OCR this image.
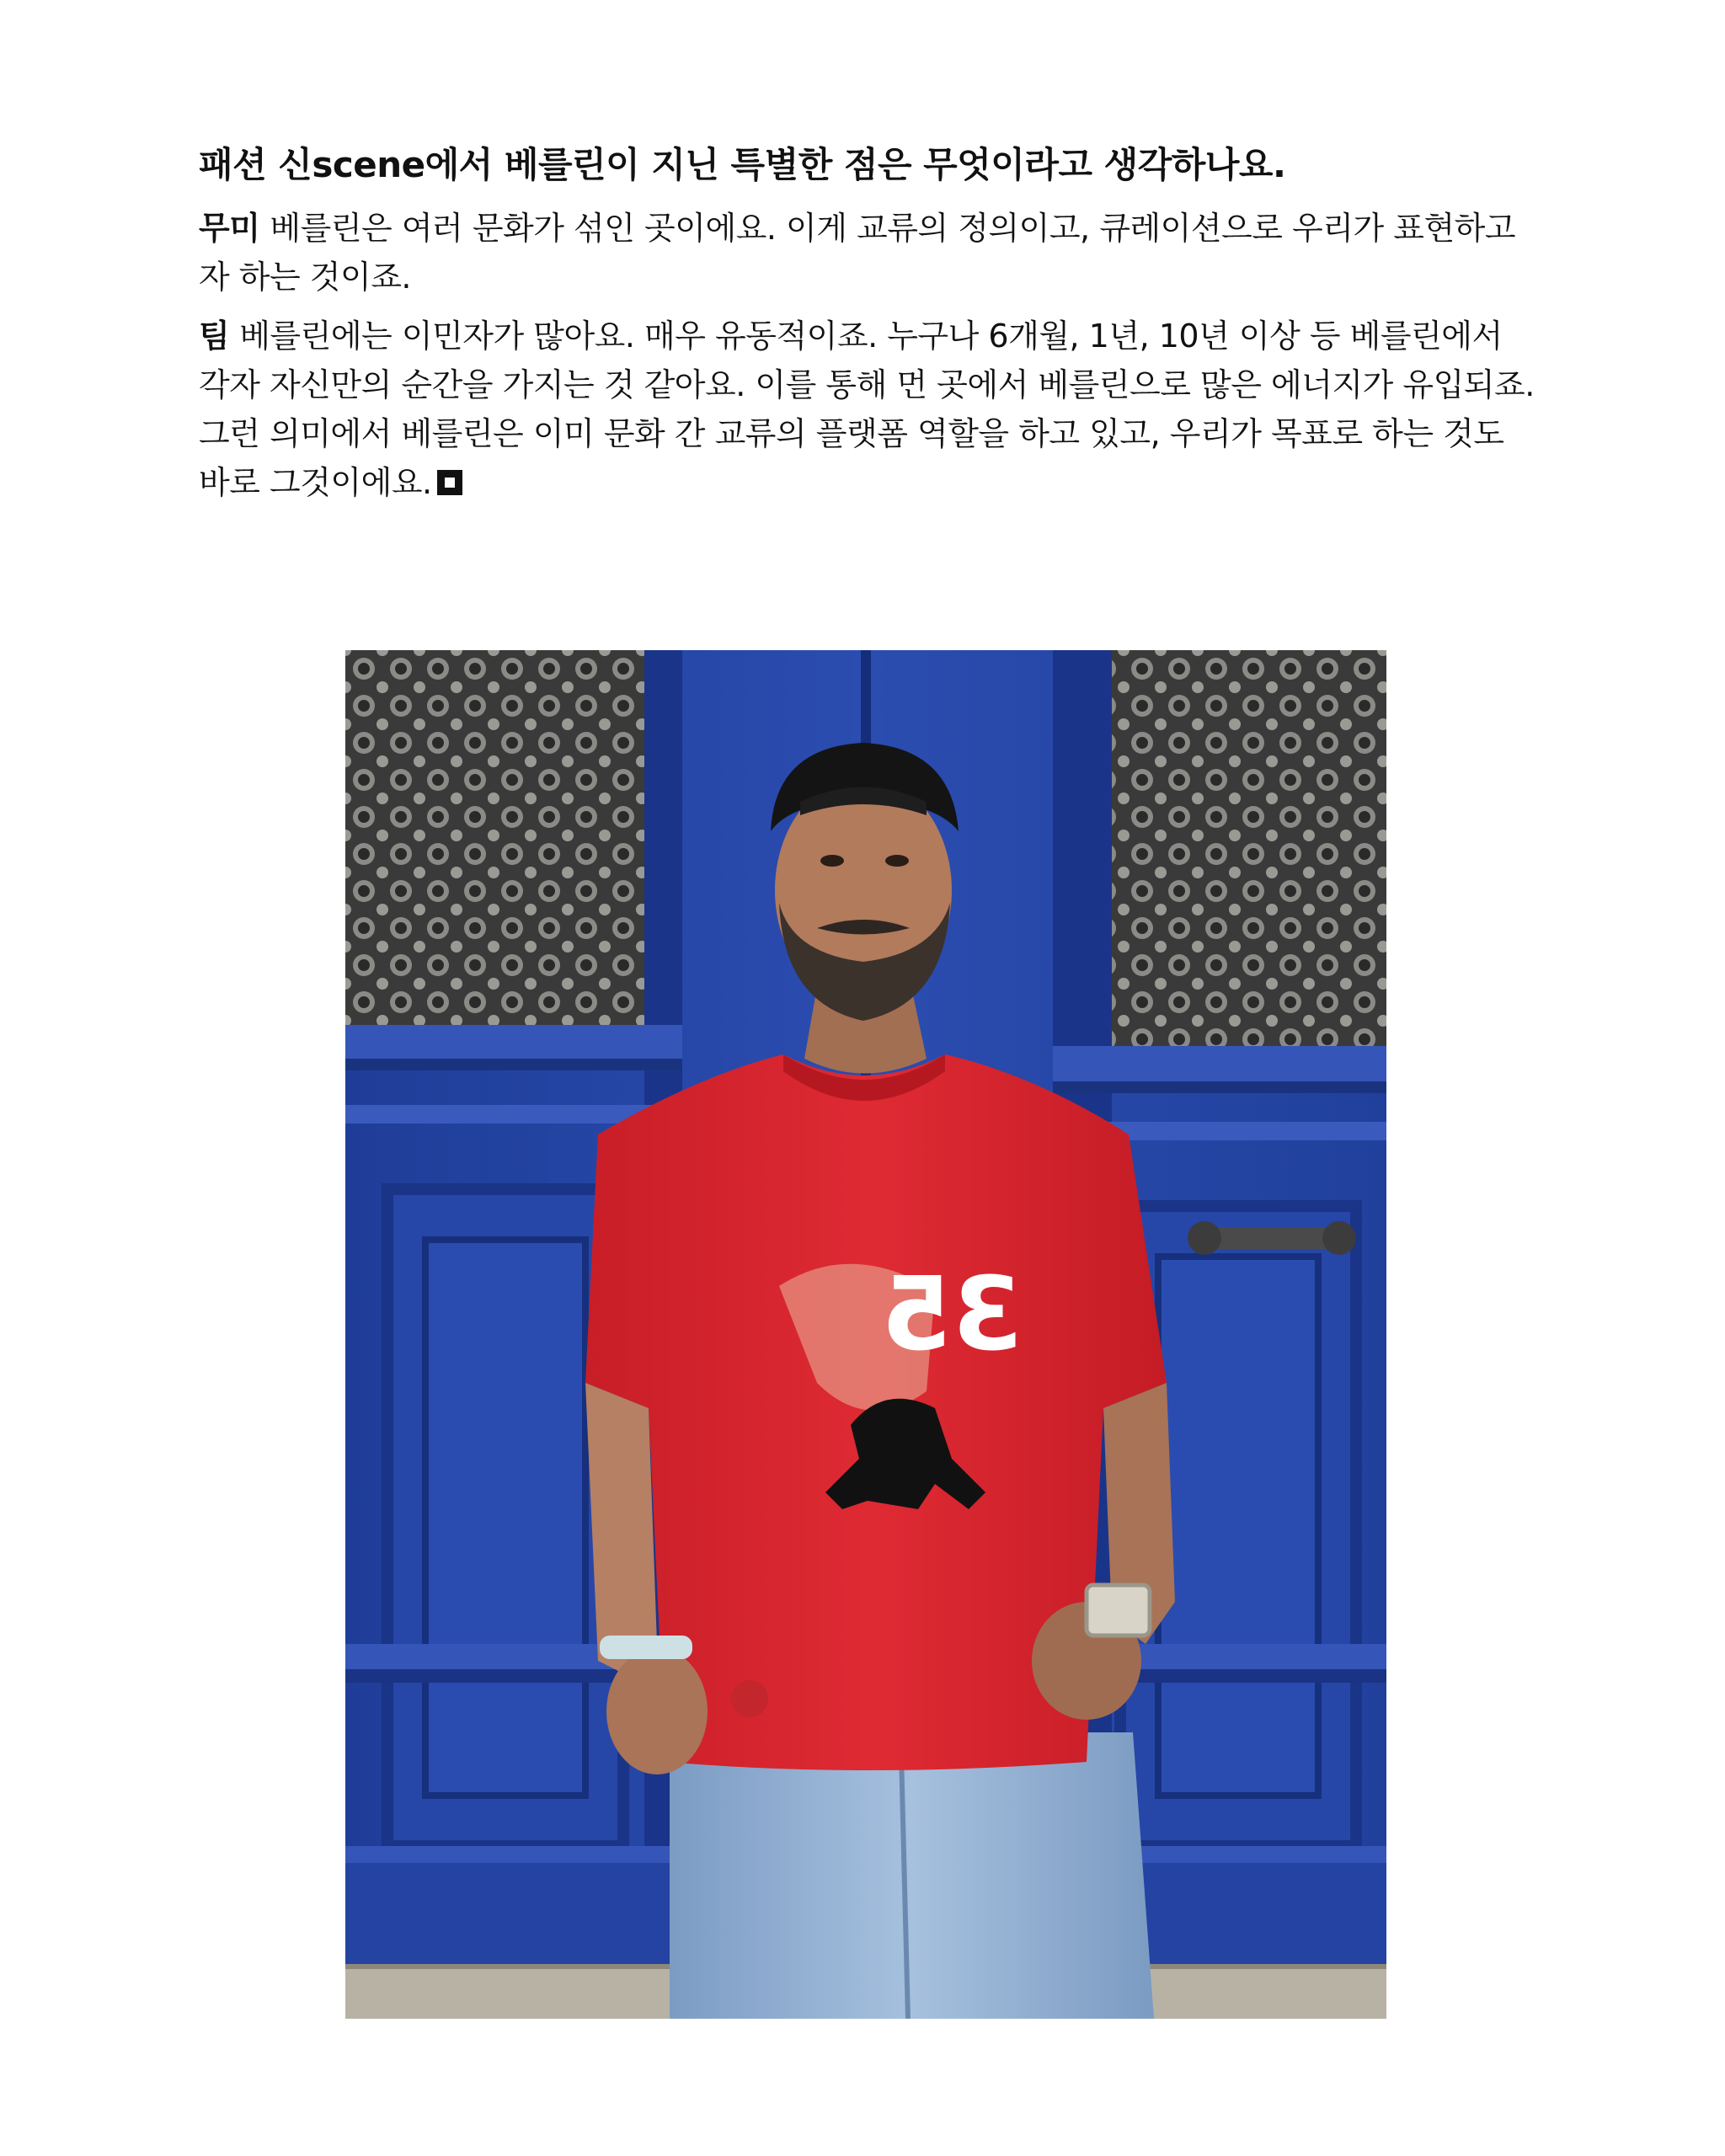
패션 신scene에서 베를린이 지닌 특별한 점은 무엇이라고 생각하나요.

무미 베를린은 여러 문화가 섞인 곳이에요. 이게 교류의 정의이고, 큐레이션으로 우리가 표현하고자 하는 것이죠.

팀 베를린에는 이민자가 많아요. 매우 유동적이죠. 누구나 6개월, 1년, 10년 이상 등 베를린에서 각자 자신만의 순간을 가지는 것 같아요. 이를 통해 먼 곳에서 베를린으로 많은 에너지가 유입되죠. 그런 의미에서 베를린은 이미 문화 간 교류의 플랫폼 역할을 하고 있고, 우리가 목표로 하는 것도 바로 그것이에요.

35
